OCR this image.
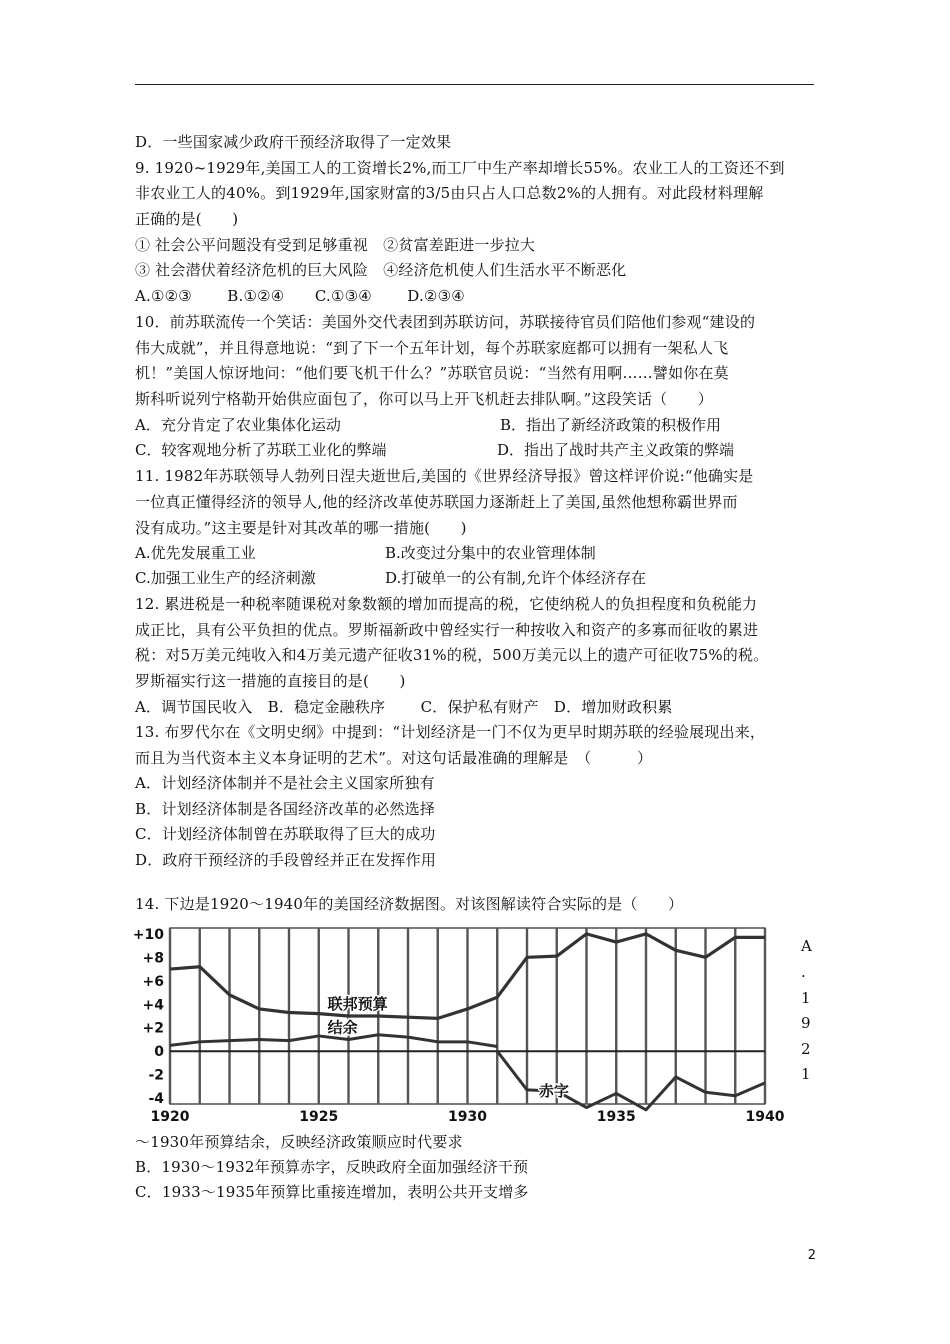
14. 下边是1920～1940年的美国经济数据图。对该图解读符合实际的是（　　）
+10
+8
+6
+4
+2
0
-2
-4
1920	1925	1930	1935	1940
联邦预算
结余
赤字
2
D．一些国家减少政府干预经济取得了一定效果
9. 1920~1929年,美国工人的工资增长2%,而工厂中生产率却增长55%。农业工人的工资还不到
非农业工人的40%。到1929年,国家财富的3/5由只占人口总数2%的人拥有。对此段材料理解
正确的是(　　)
① 社会公平问题没有受到足够重视　②贫富差距进一步拉大
③ 社会潜伏着经济危机的巨大风险　④经济危机使人们生活水平不断恶化
A.①②③　　 B.①②④　　C.①③④　　 D.②③④
10．前苏联流传一个笑话：美国外交代表团到苏联访问，苏联接待官员们陪他们参观“建设的
伟大成就”，并且得意地说：“到了下一个五年计划，每个苏联家庭都可以拥有一架私人飞
机！”美国人惊讶地问：“他们要飞机干什么？”苏联官员说：“当然有用啊……譬如你在莫
斯科听说列宁格勒开始供应面包了，你可以马上开飞机赶去排队啊。”这段笑话（　　）
A．充分肯定了农业集体化运动	B．指出了新经济政策的积极作用
C．较客观地分析了苏联工业化的弊端	D．指出了战时共产主义政策的弊端
11. 1982年苏联领导人勃列日涅夫逝世后,美国的《世界经济导报》曾这样评价说:“他确实是
一位真正懂得经济的领导人,他的经济改革使苏联国力逐渐赶上了美国,虽然他想称霸世界而
没有成功。”这主要是针对其改革的哪一措施(　　)
A.优先发展重工业	B.改变过分集中的农业管理体制
C.加强工业生产的经济刺激	D.打破单一的公有制,允许个体经济存在
12. 累进税是一种税率随课税对象数额的增加而提高的税，它使纳税人的负担程度和负税能力
成正比，具有公平负担的优点。罗斯福新政中曾经实行一种按收入和资产的多寡而征收的累进
税：对5万美元纯收入和4万美元遗产征收31%的税，500万美元以上的遗产可征收75%的税。
罗斯福实行这一措施的直接目的是(　　)
A．调节国民收入　B．稳定金融秩序　　 C．保护私有财产　D．增加财政积累
13. 布罗代尔在《文明史纲》中提到：“计划经济是一门不仅为更早时期苏联的经验展现出来，
而且为当代资本主义本身证明的艺术”。对这句话最准确的理解是　（　　　）
A．计划经济体制并不是社会主义国家所独有
B．计划经济体制是各国经济改革的必然选择
C．计划经济体制曾在苏联取得了巨大的成功
D．政府干预经济的手段曾经并正在发挥作用
A
.
1
9
2
1
～1930年预算结余，反映经济政策顺应时代要求
B．1930～1932年预算赤字，反映政府全面加强经济干预
C．1933～1935年预算比重接连增加，表明公共开支增多
